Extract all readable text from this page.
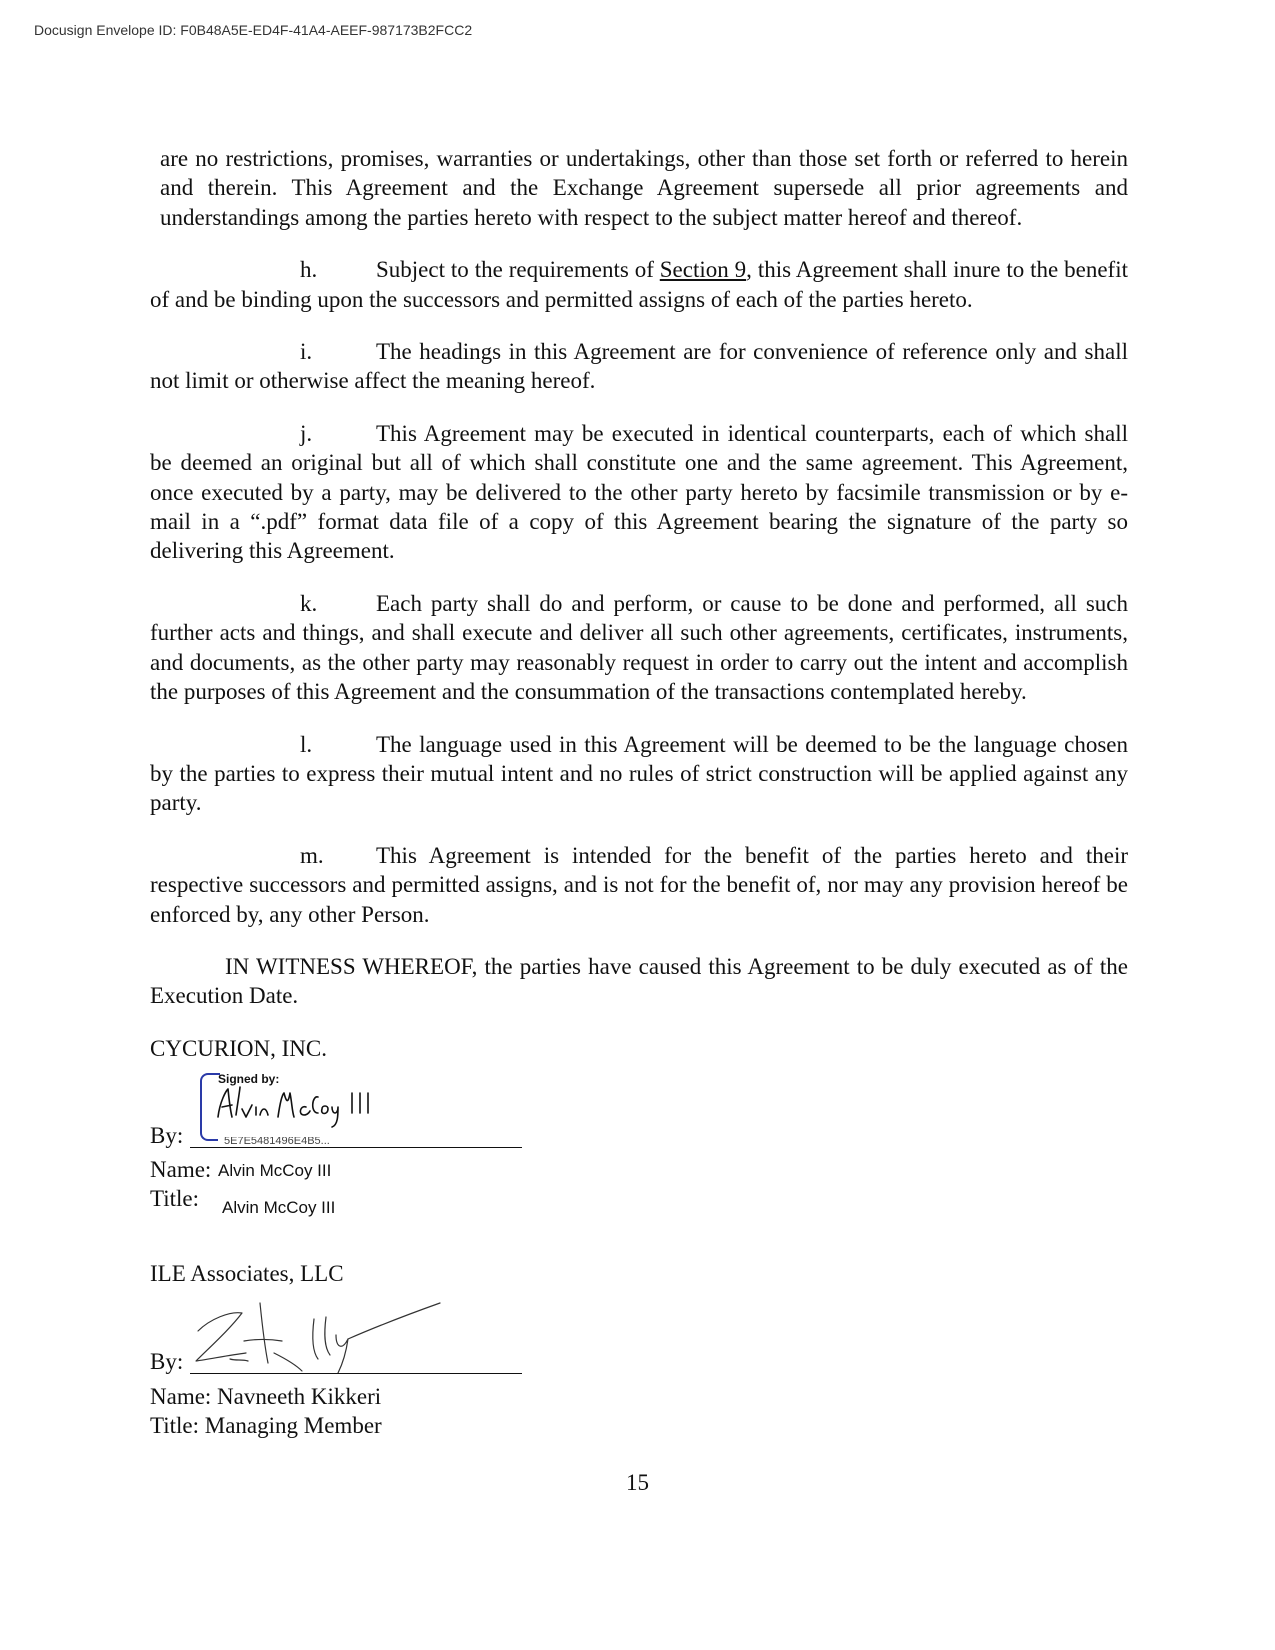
Docusign Envelope ID: F0B48A5E-ED4F-41A4-AEEF-987173B2FCC2

are no restrictions, promises, warranties or undertakings, other than those set forth or referred to herein and therein. This Agreement and the Exchange Agreement supersede all prior agreements and understandings among the parties hereto with respect to the subject matter hereof and thereof.

h.	Subject to the requirements of Section 9, this Agreement shall inure to the benefit of and be binding upon the successors and permitted assigns of each of the parties hereto.

i.	The headings in this Agreement are for convenience of reference only and shall not limit or otherwise affect the meaning hereof.

j.	This Agreement may be executed in identical counterparts, each of which shall be deemed an original but all of which shall constitute one and the same agreement. This Agreement, once executed by a party, may be delivered to the other party hereto by facsimile transmission or by e-mail in a “.pdf” format data file of a copy of this Agreement bearing the signature of the party so delivering this Agreement.

k.	Each party shall do and perform, or cause to be done and performed, all such further acts and things, and shall execute and deliver all such other agreements, certificates, instruments, and documents, as the other party may reasonably request in order to carry out the intent and accomplish the purposes of this Agreement and the consummation of the transactions contemplated hereby.

l.	The language used in this Agreement will be deemed to be the language chosen by the parties to express their mutual intent and no rules of strict construction will be applied against any party.

m. This Agreement is intended for the benefit of the parties hereto and their respective successors and permitted assigns, and is not for the benefit of, nor may any provision hereof be enforced by, any other Person.

IN WITNESS WHEREOF, the parties have caused this Agreement to be duly executed as of the Execution Date.

CYCURION, INC.
Signed by:
5E7E5481496E4B5...
By:
Name: Alvin McCoy III
Title: Alvin McCoy III
ILE Associates, LLC
By:
Name: Navneeth Kikkeri
Title: Managing Member
15
